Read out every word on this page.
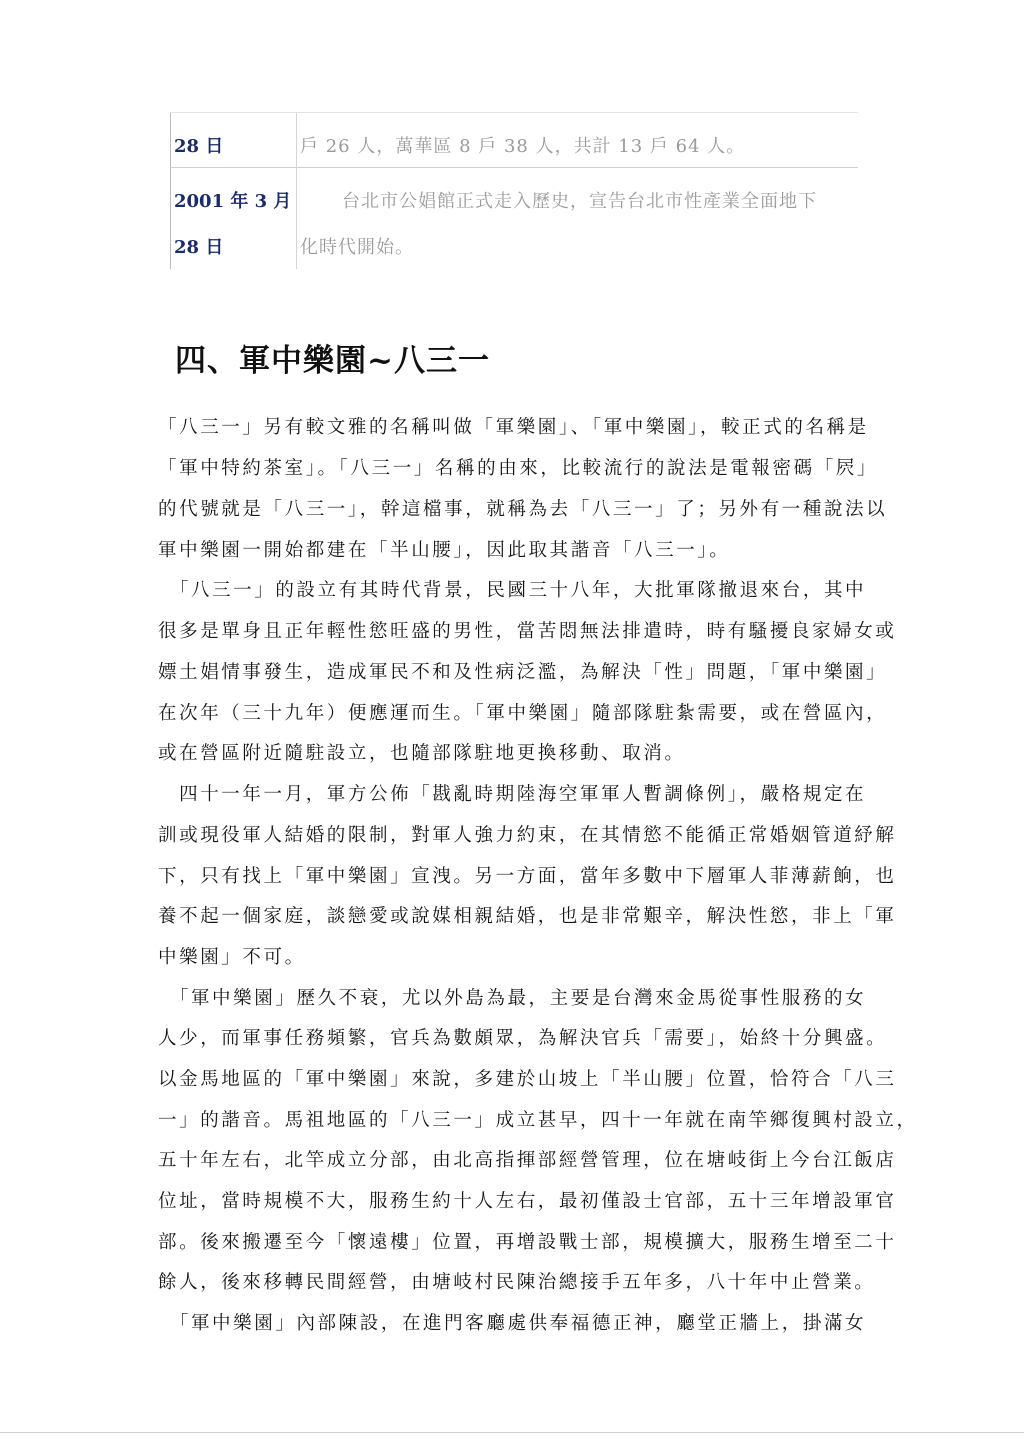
28 日	戶 26 人，萬華區 8 戶 38 人，共計 13 戶 64 人。
2001 年 3 月
28 日
台北市公娼館正式走入歷史，宣告台北市性產業全面地下
化時代開始。
四、軍中樂園~八三一
「八三一」另有較文雅的名稱叫做「軍樂園」、「軍中樂園」，較正式的名稱是
「軍中特約茶室」。「八三一」名稱的由來，比較流行的說法是電報密碼「屄」
的代號就是「八三一」，幹這檔事，就稱為去「八三一」了；另外有一種說法以
軍中樂園一開始都建在「半山腰」，因此取其諧音「八三一」。
　「八三一」的設立有其時代背景，民國三十八年，大批軍隊撤退來台，其中
很多是單身且正年輕性慾旺盛的男性，當苦悶無法排遣時，時有騷擾良家婦女或
嫖土娼情事發生，造成軍民不和及性病泛濫，為解決「性」問題，「軍中樂園」
在次年（三十九年）便應運而生。「軍中樂園」隨部隊駐紮需要，或在營區內，
或在營區附近隨駐設立，也隨部隊駐地更換移動、取消。
　四十一年一月，軍方公佈「戡亂時期陸海空軍軍人暫調條例」，嚴格規定在
訓或現役軍人結婚的限制，對軍人強力約束，在其情慾不能循正常婚姻管道紓解
下，只有找上「軍中樂園」宣洩。另一方面，當年多數中下層軍人菲薄薪餉，也
養不起一個家庭，談戀愛或說媒相親結婚，也是非常艱辛，解決性慾，非上「軍
中樂園」不可。
　「軍中樂園」歷久不衰，尤以外島為最，主要是台灣來金馬從事性服務的女
人少，而軍事任務頻繁，官兵為數頗眾，為解決官兵「需要」，始終十分興盛。
以金馬地區的「軍中樂園」來說，多建於山坡上「半山腰」位置，恰符合「八三
一」的諧音。馬祖地區的「八三一」成立甚早，四十一年就在南竿鄉復興村設立，
五十年左右，北竿成立分部，由北高指揮部經營管理，位在塘岐街上今台江飯店
位址，當時規模不大，服務生約十人左右，最初僅設士官部，五十三年增設軍官
部。後來搬遷至今「懷遠樓」位置，再增設戰士部，規模擴大，服務生增至二十
餘人，後來移轉民間經營，由塘岐村民陳治總接手五年多，八十年中止營業。
　「軍中樂園」內部陳設，在進門客廳處供奉福德正神，廳堂正牆上，掛滿女
